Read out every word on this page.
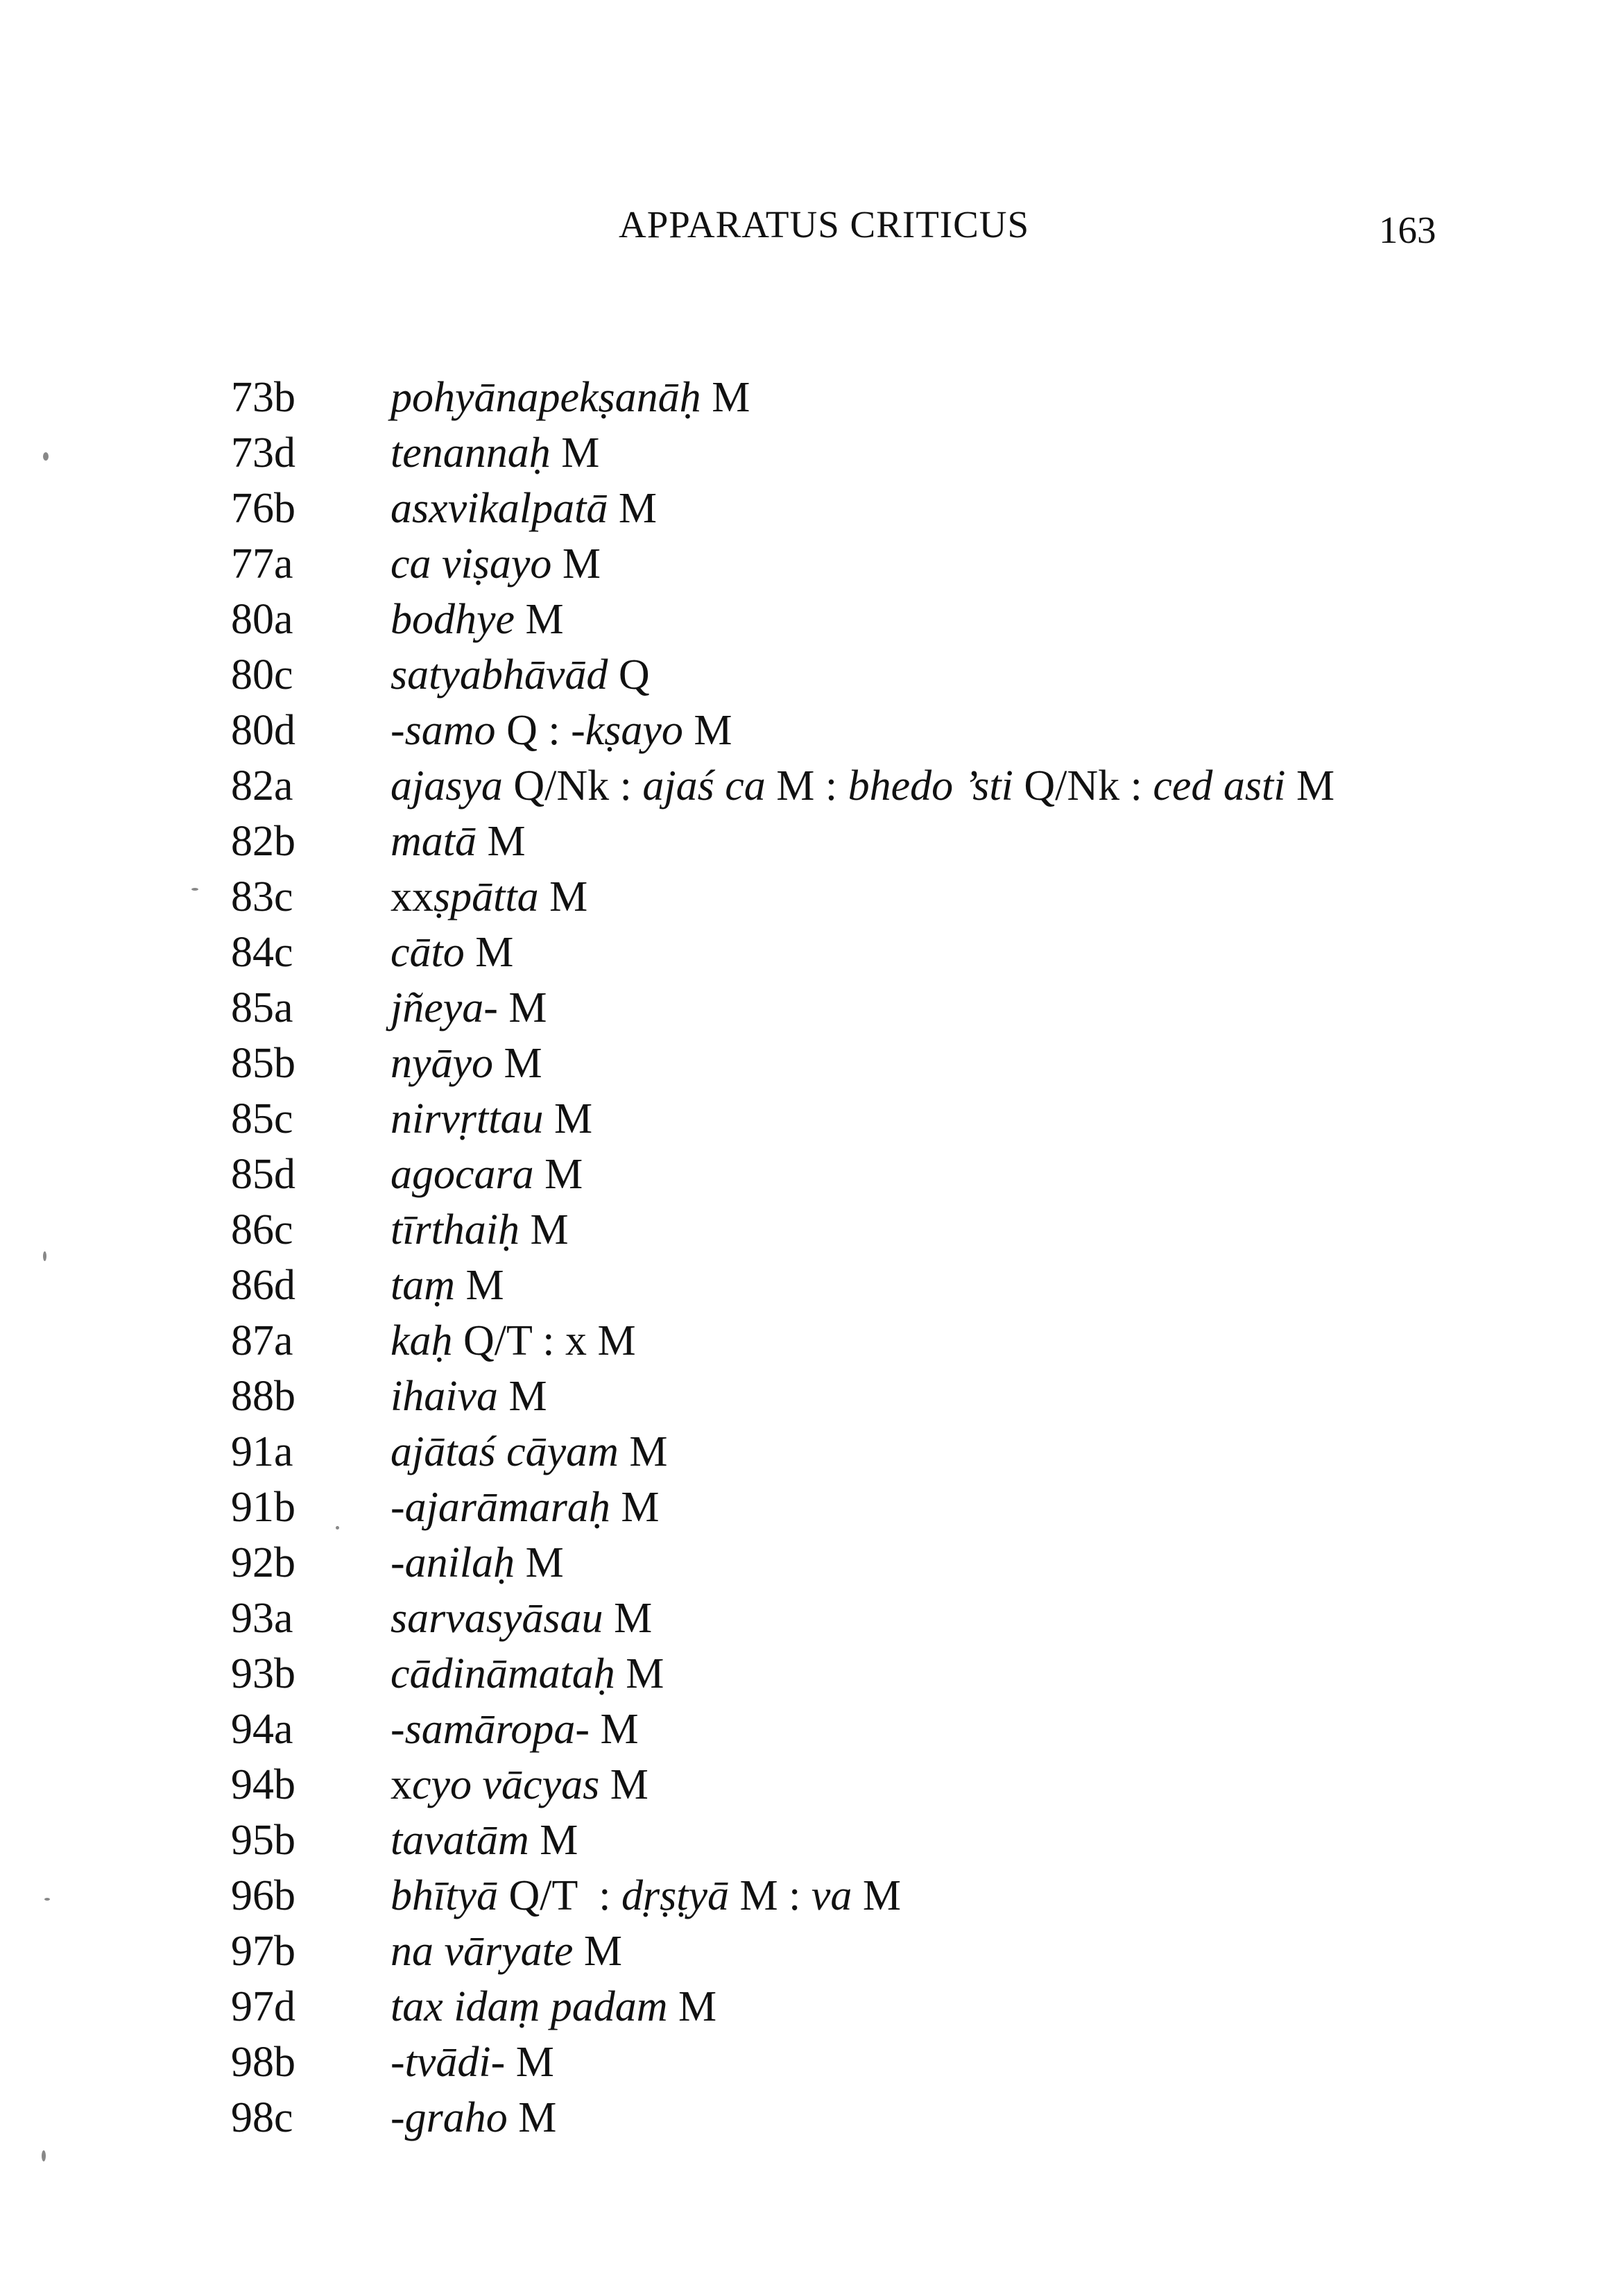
APPARATUS CRITICUS	163
73b	pohyānapekṣanāḥ M
73d	tenannaḥ M
76b	asxvikalpatā M
77a	ca viṣayo M
80a	bodhye M
80c	satyabhāvād Q
80d	-samo Q : -kṣayo M
82a	ajasya Q/Nk : ajaś ca M : bhedo ’sti Q/Nk : ced asti M
82b	matā M
83c	xxṣpātta M
84c	cāto M
85a	jñeya- M
85b	nyāyo M
85c	nirvṛttau M
85d	agocara M
86c	tīrthaiḥ M
86d	taṃ M
87a	kaḥ Q/T : x M
88b	ihaiva M
91a	ajātaś cāyam M
91b	-ajarāmaraḥ M
92b	-anilaḥ M
93a	sarvasyāsau M
93b	cādināmataḥ M
94a	-samāropa- M
94b	xcyo vācyas M
95b	tavatām M
96b	bhītyā Q/T  : dṛṣṭyā M : va M
97b	na vāryate M
97d	tax idaṃ padam M
98b	-tvādi- M
98c	-graho M
